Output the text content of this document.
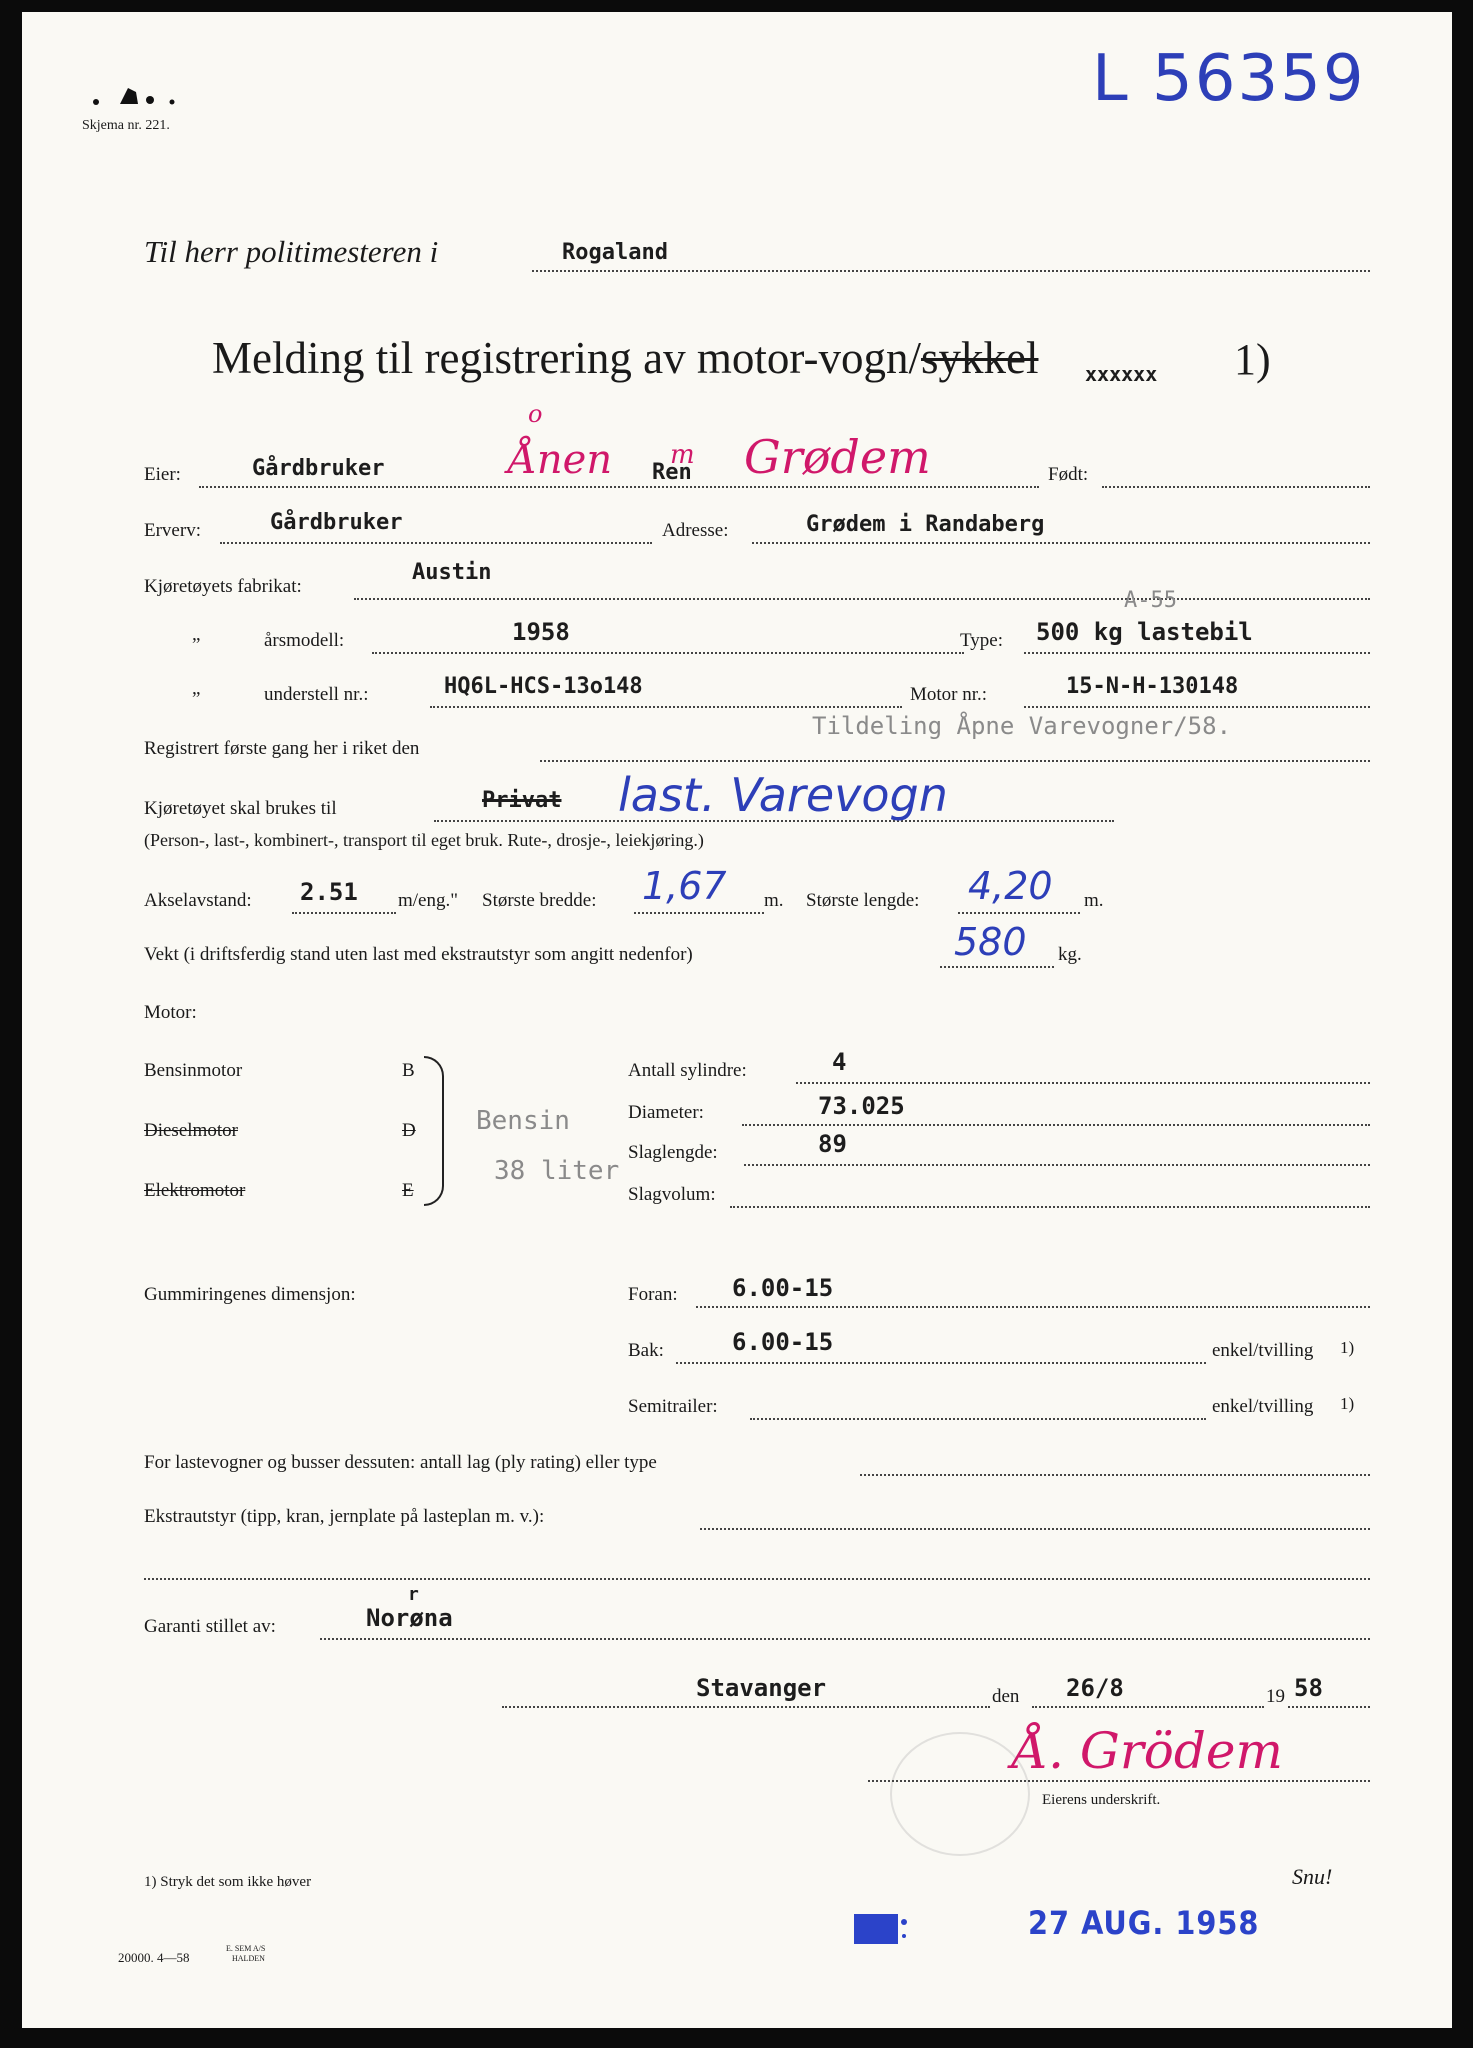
Skjema nr. 221.
L 56359
Til herr politimesteren i	Rogaland
Melding til registrering av motor-vogn/sykkel xxxxxx 1)
Eier:	Gårdbruker
o
Ånen m
Ren Grødem	Født:
Erverv:	Gårdbruker	Adresse:	Grødem i Randaberg
Kjøretøyets fabrikat:
Austin
„	årsmodell:	1958	Type:
A-55
500 kg lastebil
„	understell nr.:	HQ6L-HCS-13o148	Motor nr.:	15-N-H-130148
Tildeling Åpne Varevogner/58.
Registrert første gang her i riket den
Kjøretøyet skal brukes til	Privat last. Varevogn
(Person-, last-, kombinert-, transport til eget bruk. Rute-, drosje-, leiekjøring.)
Akselavstand: 2.51 m/eng." Største bredde: 1,67 m. Største lengde: 4,20 m.
Vekt (i driftsferdig stand uten last med ekstrautstyr som angitt nedenfor)	580 kg.
Motor:
Bensinmotor	B
Dieselmotor	D
Elektromotor	E
Bensin
38 liter
Antall sylindre:	4
Diameter:	73.025
Slaglengde:	89
Slagvolum:
Gummiringenes dimensjon:	Foran: 6.00-15
Bak:	6.00-15	enkel/tvilling 1)
Semitrailer:	enkel/tvilling 1)
For lastevogner og busser dessuten: antall lag (ply rating) eller type
Ekstrautstyr (tipp, kran, jernplate på lasteplan m. v.):
Garanti stillet av:
r
Norøna
Stavanger	den 26/8	19 58
Å. Grödem
Eierens underskrift.
1) Stryk det som ikke høver	Snu!
27 AUG. 1958
20000. 4—58
E. SEM A/S
HALDEN
